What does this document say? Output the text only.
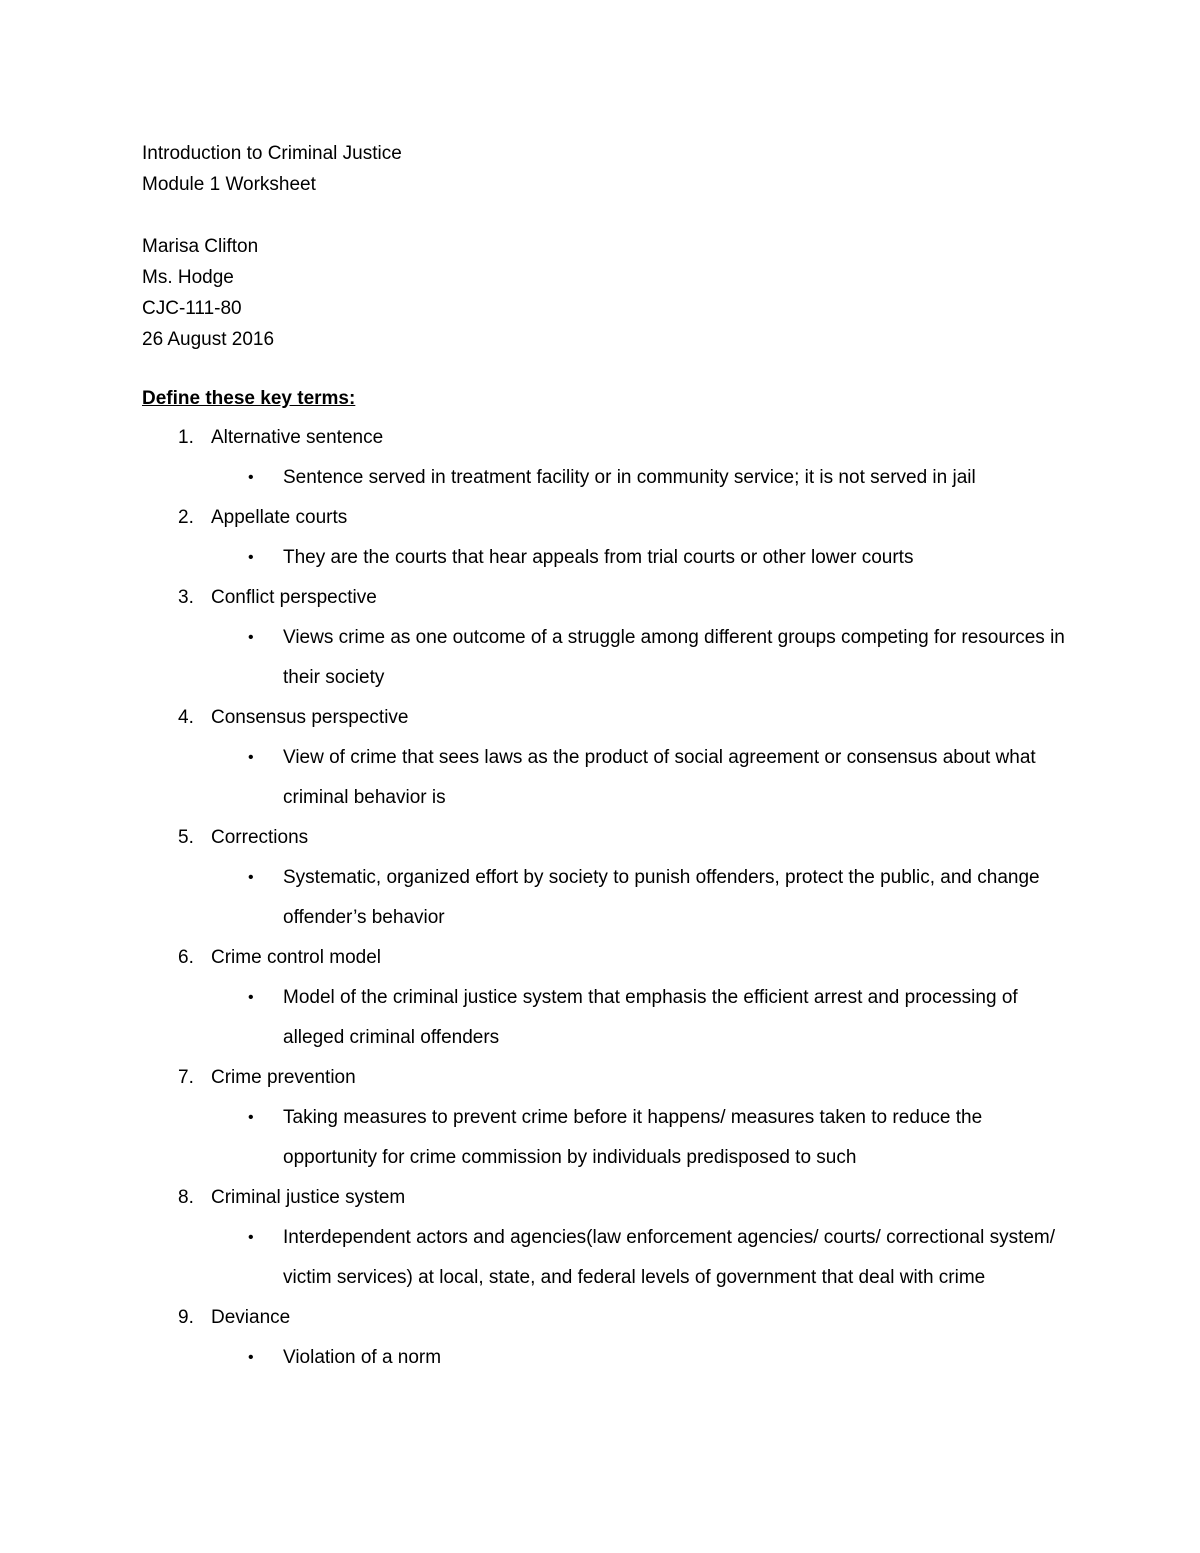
Introduction to Criminal Justice

Module 1 Worksheet

Marisa Clifton

Ms. Hodge

CJC-111-80

26 August 2016

Define these key terms:

1. Alternative sentence
•	Sentence served in treatment facility or in community service; it is not served in jail
2. Appellate courts
•	They are the courts that hear appeals from trial courts or other lower courts
3. Conflict perspective
•	Views crime as one outcome of a struggle among different groups competing for resources in their society
4. Consensus perspective
•	View of crime that sees laws as the product of social agreement or consensus about what criminal behavior is
5. Corrections
•	Systematic, organized effort by society to punish offenders, protect the public, and change offender’s behavior
6. Crime control model
•	Model of the criminal justice system that emphasis the efficient arrest and processing of alleged criminal offenders
7. Crime prevention
•	Taking measures to prevent crime before it happens/ measures taken to reduce the opportunity for crime commission by individuals predisposed to such
8. Criminal justice system
•	Interdependent actors and agencies(law enforcement agencies/ courts/ correctional system/ victim services) at local, state, and federal levels of government that deal with crime
9. Deviance
•	Violation of a norm
